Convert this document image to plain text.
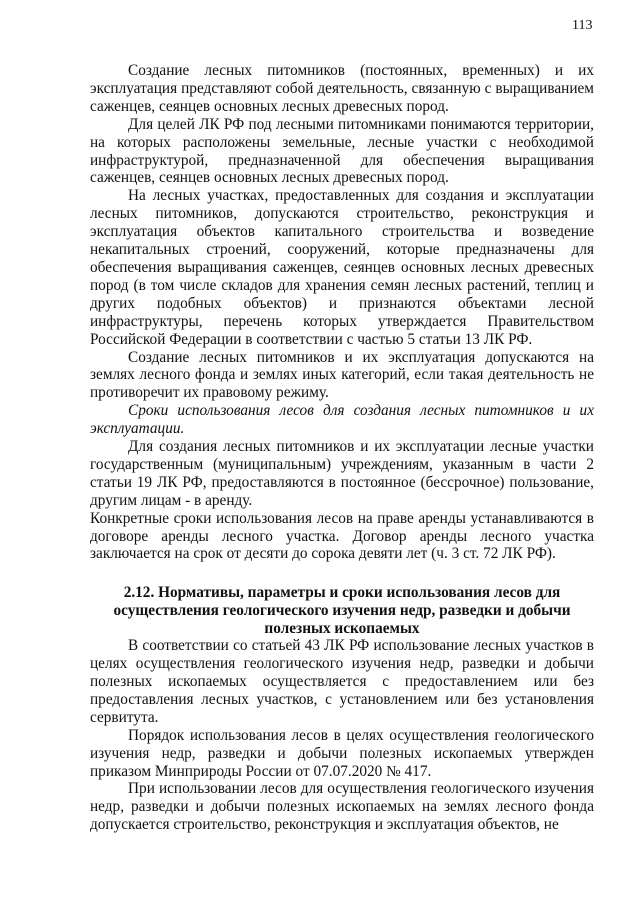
113

Создание лесных питомников (постоянных, временных) и их эксплуатация представляют собой деятельность, связанную с выращиванием саженцев, сеянцев основных лесных древесных пород.

Для целей ЛК РФ под лесными питомниками понимаются территории, на которых расположены земельные, лесные участки с необходимой инфраструктурой, предназначенной для обеспечения выращивания саженцев, сеянцев основных лесных древесных пород.

На лесных участках, предоставленных для создания и эксплуатации лесных питомников, допускаются строительство, реконструкция и эксплуатация объектов капитального строительства и возведение некапитальных строений, сооружений, которые предназначены для обеспечения выращивания саженцев, сеянцев основных лесных древесных пород (в том числе складов для хранения семян лесных растений, теплиц и других подобных объектов) и признаются объектами лесной инфраструктуры, перечень которых утверждается Правительством Российской Федерации в соответствии с частью 5 статьи 13 ЛК РФ.

Создание лесных питомников и их эксплуатация допускаются на землях лесного фонда и землях иных категорий, если такая деятельность не противоречит их правовому режиму.

Сроки использования лесов для создания лесных питомников и их эксплуатации.

Для создания лесных питомников и их эксплуатации лесные участки государственным (муниципальным) учреждениям, указанным в части 2 статьи 19 ЛК РФ, предоставляются в постоянное (бессрочное) пользование, другим лицам - в аренду.

Конкретные сроки использования лесов на праве аренды устанавливаются в договоре аренды лесного участка. Договор аренды лесного участка заключается на срок от десяти до сорока девяти лет (ч. 3 ст. 72 ЛК РФ).

2.12. Нормативы, параметры и сроки использования лесов для осуществления геологического изучения недр, разведки и добычи полезных ископаемых

В соответствии со статьей 43 ЛК РФ использование лесных участков в целях осуществления геологического изучения недр, разведки и добычи полезных ископаемых осуществляется с предоставлением или без предоставления лесных участков, с установлением или без установления сервитута.

Порядок использования лесов в целях осуществления геологического изучения недр, разведки и добычи полезных ископаемых утвержден приказом Минприроды России от 07.07.2020 № 417.

При использовании лесов для осуществления геологического изучения недр, разведки и добычи полезных ископаемых на землях лесного фонда допускается строительство, реконструкция и эксплуатация объектов, не
